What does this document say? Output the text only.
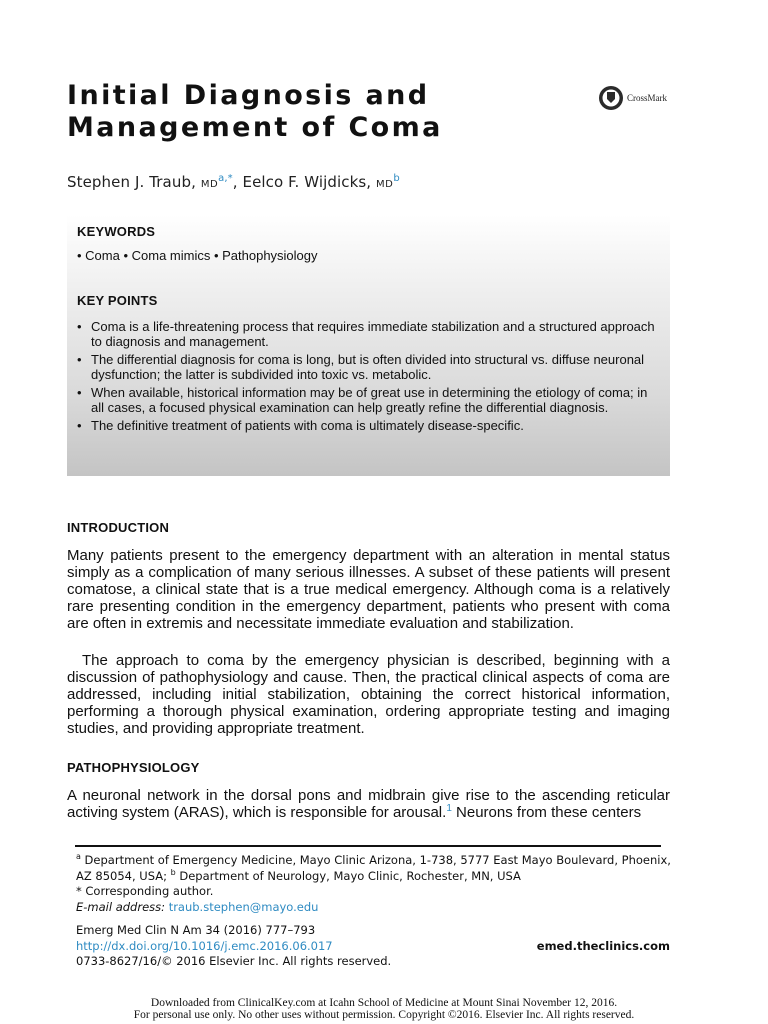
Initial Diagnosis and
Management of Coma
CrossMark
Stephen J. Traub, $MD^{a,*}$, Eelco F. Wijdicks, $MD^b$
KEYWORDS
• Coma • Coma mimics • Pathophysiology
KEY POINTS
• Coma is a life-threatening process that requires immediate stabilization and a structured approach to diagnosis and management.
• The differential diagnosis for coma is long, but is often divided into structural vs. diffuse neuronal dysfunction; the latter is subdivided into toxic vs. metabolic.
• When available, historical information may be of great use in determining the etiology of coma; in all cases, a focused physical examination can help greatly refine the differential diagnosis.
• The definitive treatment of patients with coma is ultimately disease-specific.
INTRODUCTION

Many patients present to the emergency department with an alteration in mental status simply as a complication of many serious illnesses. A subset of these patients will present comatose, a clinical state that is a true medical emergency. Although coma is a relatively rare presenting condition in the emergency department, patients who present with coma are often in extremis and necessitate immediate evaluation and stabilization.

The approach to coma by the emergency physician is described, beginning with a discussion of pathophysiology and cause. Then, the practical clinical aspects of coma are addressed, including initial stabilization, obtaining the correct historical information, performing a thorough physical examination, ordering appropriate testing and imaging studies, and providing appropriate treatment.

PATHOPHYSIOLOGY

A neuronal network in the dorsal pons and midbrain give rise to the ascending reticular activing system (ARAS), which is responsible for arousal.$^1$ Neurons from these centers

$^a$ Department of Emergency Medicine, Mayo Clinic Arizona, 1-738, 5777 East Mayo Boulevard, Phoenix, AZ 85054, USA; $^b$ Department of Neurology, Mayo Clinic, Rochester, MN, USA

* Corresponding author.

E-mail address: traub.stephen@mayo.edu

Emerg Med Clin N Am 34 (2016) 777–793

http://dx.doi.org/10.1016/j.emc.2016.06.017

0733-8627/16/© 2016 Elsevier Inc. All rights reserved.

emed.theclinics.com

Downloaded from ClinicalKey.com at Icahn School of Medicine at Mount Sinai November 12, 2016.

For personal use only. No other uses without permission. Copyright ©2016. Elsevier Inc. All rights reserved.
